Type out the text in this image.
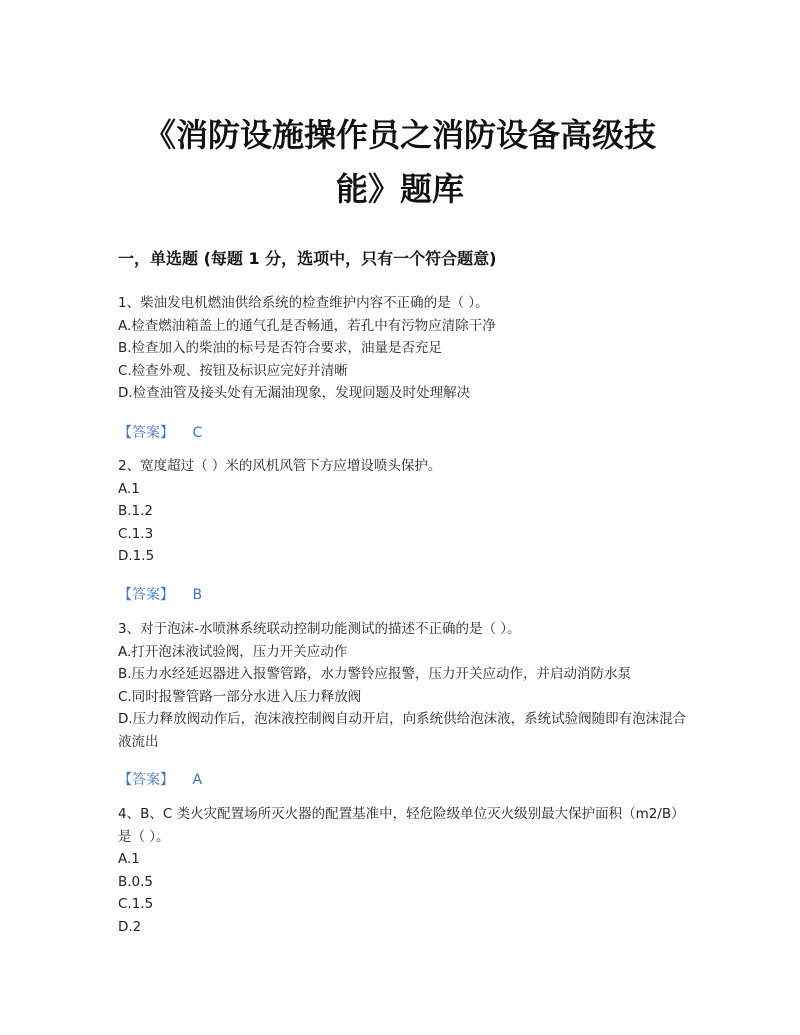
《消防设施操作员之消防设备高级技能》题库
一，单选题 (每题 1 分，选项中，只有一个符合题意)

1、柴油发电机燃油供给系统的检查维护内容不正确的是（ ）。

A.检查燃油箱盖上的通气孔是否畅通，若孔中有污物应清除干净

B.检查加入的柴油的标号是否符合要求，油量是否充足

C.检查外观、按钮及标识应完好并清晰

D.检查油管及接头处有无漏油现象，发现问题及时处理解决

【答案】 C

2、宽度超过（ ）米的风机风管下方应增设喷头保护。

A.1

B.1.2

C.1.3

D.1.5

【答案】 B

3、对于泡沫-水喷淋系统联动控制功能测试的描述不正确的是（ ）。

A.打开泡沫液试验阀，压力开关应动作

B.压力水经延迟器进入报警管路，水力警铃应报警，压力开关应动作，并启动消防水泵

C.同时报警管路一部分水进入压力释放阀

D.压力释放阀动作后，泡沫液控制阀自动开启，向系统供给泡沫液，系统试验阀随即有泡沫混合液流出

【答案】 A

4、B、C 类火灾配置场所灭火器的配置基准中，轻危险级单位灭火级别最大保护面积（m2/B）是（ ）。

A.1

B.0.5

C.1.5

D.2
